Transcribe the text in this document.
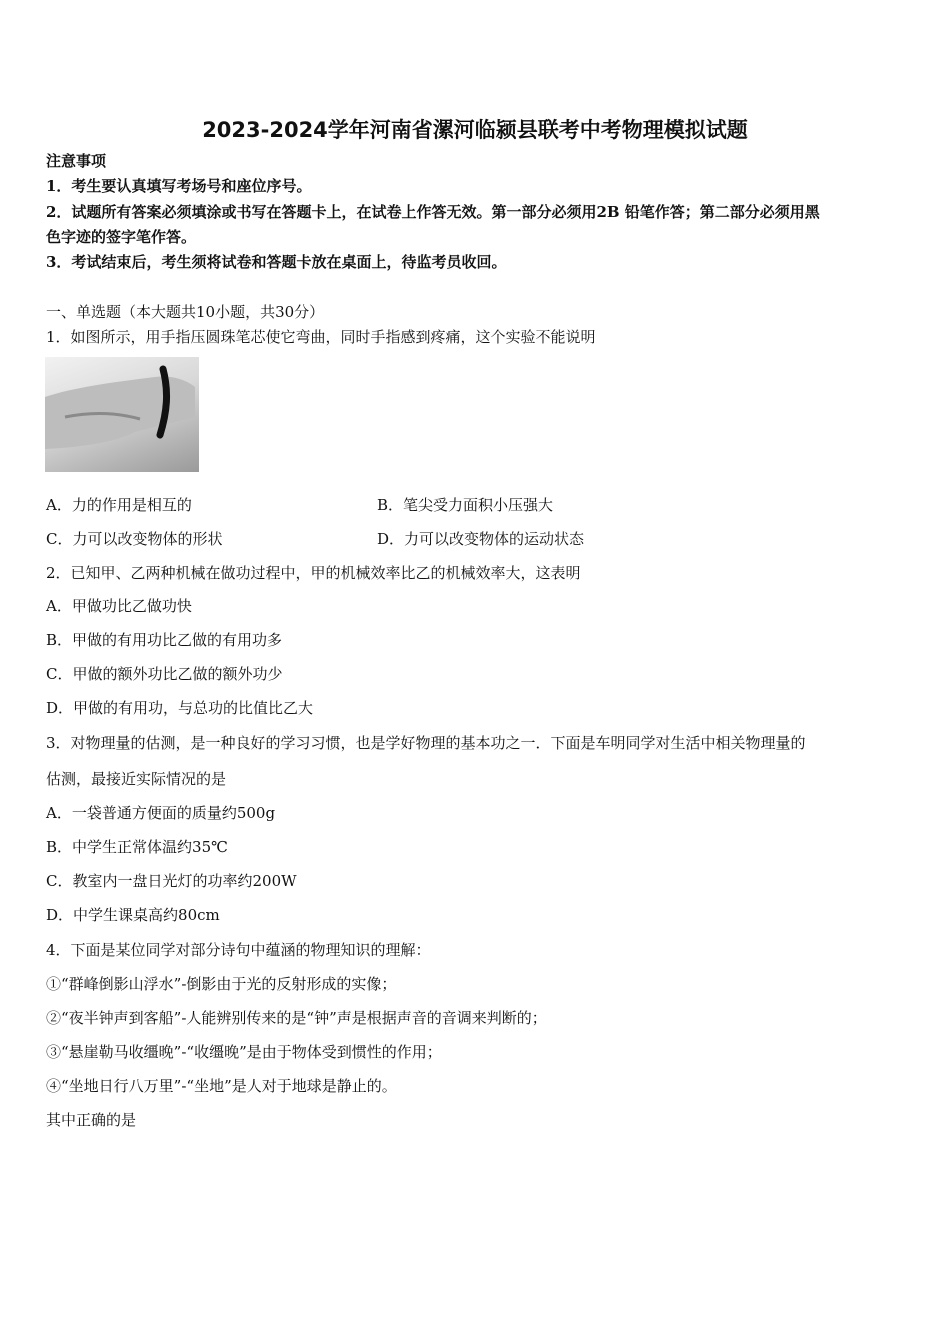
2023-2024学年河南省漯河临颍县联考中考物理模拟试题
注意事项
1．考生要认真填写考场号和座位序号。
2．试题所有答案必须填涂或书写在答题卡上，在试卷上作答无效。第一部分必须用2B 铅笔作答；第二部分必须用黑
色字迹的签字笔作答。
3．考试结束后，考生须将试卷和答题卡放在桌面上，待监考员收回。
一、单选题（本大题共10小题，共30分）
1．如图所示，用手指压圆珠笔芯使它弯曲，同时手指感到疼痛，这个实验不能说明
A．力的作用是相互的	B．笔尖受力面积小压强大
C．力可以改变物体的形状	D．力可以改变物体的运动状态
2．已知甲、乙两种机械在做功过程中，甲的机械效率比乙的机械效率大，这表明
A．甲做功比乙做功快
B．甲做的有用功比乙做的有用功多
C．甲做的额外功比乙做的额外功少
D．甲做的有用功，与总功的比值比乙大
3．对物理量的估测，是一种良好的学习习惯，也是学好物理的基本功之一．下面是车明同学对生活中相关物理量的
估测，最接近实际情况的是
A．一袋普通方便面的质量约500g
B．中学生正常体温约35℃
C．教室内一盘日光灯的功率约200W
D．中学生课桌高约80cm
4．下面是某位同学对部分诗句中蕴涵的物理知识的理解：
①“群峰倒影山浮水”-倒影由于光的反射形成的实像；
②“夜半钟声到客船”-人能辨别传来的是“钟”声是根据声音的音调来判断的；
③“悬崖勒马收缰晚”-“收缰晚”是由于物体受到惯性的作用；
④“坐地日行八万里”-“坐地”是人对于地球是静止的。
其中正确的是
